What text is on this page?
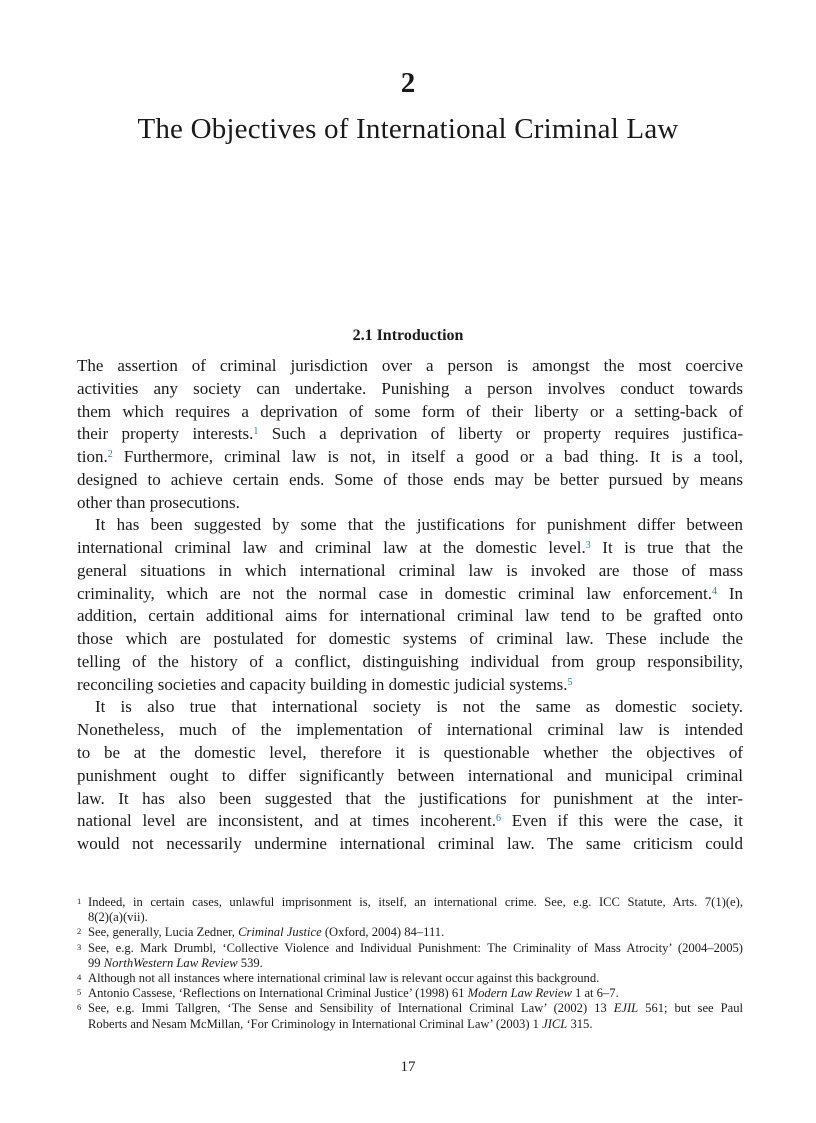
2
The Objectives of International Criminal Law
2.1 Introduction
The assertion of criminal jurisdiction over a person is amongst the most coercive
activities any society can undertake. Punishing a person involves conduct towards
them which requires a deprivation of some form of their liberty or a setting-back of
their property interests.$^1$ Such a deprivation of liberty or property requires justifica-
tion.$^2$ Furthermore, criminal law is not, in itself a good or a bad thing. It is a tool,
designed to achieve certain ends. Some of those ends may be better pursued by means
other than prosecutions.
It has been suggested by some that the justifications for punishment differ between
international criminal law and criminal law at the domestic level.$^3$ It is true that the
general situations in which international criminal law is invoked are those of mass
criminality, which are not the normal case in domestic criminal law enforcement.$^4$ In
addition, certain additional aims for international criminal law tend to be grafted onto
those which are postulated for domestic systems of criminal law. These include the
telling of the history of a conflict, distinguishing individual from group responsibility,
reconciling societies and capacity building in domestic judicial systems.$^5$
It is also true that international society is not the same as domestic society.
Nonetheless, much of the implementation of international criminal law is intended
to be at the domestic level, therefore it is questionable whether the objectives of
punishment ought to differ significantly between international and municipal criminal
law. It has also been suggested that the justifications for punishment at the inter-
national level are inconsistent, and at times incoherent.$^6$ Even if this were the case, it
would not necessarily undermine international criminal law. The same criticism could
1 Indeed, in certain cases, unlawful imprisonment is, itself, an international crime. See, e.g. ICC Statute, Arts. 7(1)(e),
8(2)(a)(vii).
2 See, generally, Lucia Zedner, Criminal Justice (Oxford, 2004) 84–111.
3 See, e.g. Mark Drumbl, ‘Collective Violence and Individual Punishment: The Criminality of Mass Atrocity’ (2004–2005)
99 NorthWestern Law Review 539.
4 Although not all instances where international criminal law is relevant occur against this background.
5 Antonio Cassese, ‘Reflections on International Criminal Justice’ (1998) 61 Modern Law Review 1 at 6–7.
6 See, e.g. Immi Tallgren, ‘The Sense and Sensibility of International Criminal Law’ (2002) 13 EJIL 561; but see Paul
Roberts and Nesam McMillan, ‘For Criminology in International Criminal Law’ (2003) 1 JICL 315.
17
